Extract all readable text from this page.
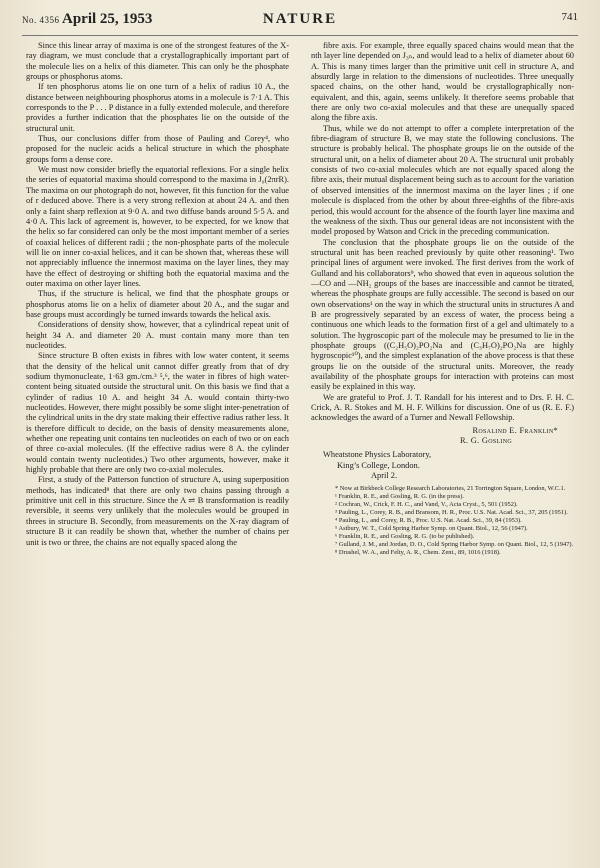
No. 4356 April 25, 1953	NATURE	741

Since this linear array of maxima is one of the strongest features of the X-ray diagram, we must conclude that a crystallographically important part of the molecule lies on a helix of this diameter. This can only be the phosphate groups or phosphorus atoms.

If ten phosphorus atoms lie on one turn of a helix of radius 10 A., the distance between neighbouring phosphorus atoms in a molecule is 7·1 A. This corresponds to the P . . . P distance in a fully extended molecule, and therefore provides a further indication that the phosphates lie on the outside of the structural unit.

Thus, our conclusions differ from those of Pauling and Corey⁴, who proposed for the nucleic acids a helical structure in which the phosphate groups form a dense core.

We must now consider briefly the equatorial reflexions. For a single helix the series of equatorial maxima should correspond to the maxima in J₀(2πrR). The maxima on our photograph do not, however, fit this function for the value of r deduced above. There is a very strong reflexion at about 24 A. and then only a faint sharp reflexion at 9·0 A. and two diffuse bands around 5·5 A. and 4·0 A. This lack of agreement is, however, to be expected, for we know that the helix so far considered can only be the most important member of a series of coaxial helices of different radii ; the non-phosphate parts of the molecule will lie on inner co-axial helices, and it can be shown that, whereas these will not appreciably influence the innermost maxima on the layer lines, they may have the effect of destroying or shifting both the equatorial maxima and the outer maxima on other layer lines.

Thus, if the structure is helical, we find that the phosphate groups or phosphorus atoms lie on a helix of diameter about 20 A., and the sugar and base groups must accordingly be turned inwards towards the helical axis.

Considerations of density show, however, that a cylindrical repeat unit of height 34 A. and diameter 20 A. must contain many more than ten nucleotides.

Since structure B often exists in fibres with low water content, it seems that the density of the helical unit cannot differ greatly from that of dry sodium thymonucleate, 1·63 gm./cm.³ ⁵,⁶, the water in fibres of high water-content being situated outside the structural unit. On this basis we find that a cylinder of radius 10 A. and height 34 A. would contain thirty-two nucleotides. However, there might possibly be some slight inter-penetration of the cylindrical units in the dry state making their effective radius rather less. It is therefore difficult to decide, on the basis of density measurements alone, whether one repeating unit contains ten nucleotides on each of two or on each of three co-axial molecules. (If the effective radius were 8 A. the cylinder would contain twenty nucleotides.) Two other arguments, however, make it highly probable that there are only two co-axial molecules.

First, a study of the Patterson function of structure A, using superposition methods, has indicated⁸ that there are only two chains passing through a primitive unit cell in this structure. Since the A ⇌ B transformation is readily reversible, it seems very unlikely that the molecules would be grouped in threes in structure B. Secondly, from measurements on the X-ray diagram of structure B it can readily be shown that, whether the number of chains per unit is two or three, the chains are not equally spaced along the

fibre axis. For example, three equally spaced chains would mean that the nth layer line depended on J₃ₙ, and would lead to a helix of diameter about 60 A. This is many times larger than the primitive unit cell in structure A, and absurdly large in relation to the dimensions of nucleotides. Three unequally spaced chains, on the other hand, would be crystallographically non-equivalent, and this, again, seems unlikely. It therefore seems probable that there are only two co-axial molecules and that these are unequally spaced along the fibre axis.

Thus, while we do not attempt to offer a complete interpretation of the fibre-diagram of structure B, we may state the following conclusions. The structure is probably helical. The phosphate groups lie on the outside of the structural unit, on a helix of diameter about 20 A. The structural unit probably consists of two co-axial molecules which are not equally spaced along the fibre axis, their mutual displacement being such as to account for the variation of observed intensities of the innermost maxima on the layer lines ; if one molecule is displaced from the other by about three-eighths of the fibre-axis period, this would account for the absence of the fourth layer line maxima and the weakness of the sixth. Thus our general ideas are not inconsistent with the model proposed by Watson and Crick in the preceding communication.

The conclusion that the phosphate groups lie on the outside of the structural unit has been reached previously by quite other reasoning¹. Two principal lines of argument were invoked. The first derives from the work of Gulland and his collaborators⁹, who showed that even in aqueous solution the —CO and —NH₂ groups of the bases are inaccessible and cannot be titrated, whereas the phosphate groups are fully accessible. The second is based on our own observations¹ on the way in which the structural units in structures A and B are progressively separated by an excess of water, the process being a continuous one which leads to the formation first of a gel and ultimately to a solution. The hygroscopic part of the molecule may be presumed to lie in the phosphate groups ((C₂H₅O)₂PO₂Na and (C₃H₇O)₂PO₂Na are highly hygroscopic¹⁰), and the simplest explanation of the above process is that these groups lie on the outside of the structural units. Moreover, the ready availability of the phosphate groups for interaction with proteins can most easily be explained in this way.

We are grateful to Prof. J. T. Randall for his interest and to Drs. F. H. C. Crick, A. R. Stokes and M. H. F. Wilkins for discussion. One of us (R. E. F.) acknowledges the award of a Turner and Newall Fellowship.

Rosalind E. Franklin*
R. G. Gosling
Wheatstone Physics Laboratory,
King’s College, London.
April 2.

* Now at Birkbeck College Research Laboratories, 21 Torrington Square, London, W.C.1.

¹ Franklin, R. E., and Gosling, R. G. (in the press).

² Cochran, W., Crick, F. H. C., and Vand, V., Acta Cryst., 5, 501 (1952).

³ Pauling, L., Corey, R. B., and Bransom, H. R., Proc. U.S. Nat. Acad. Sci., 37, 205 (1951).

⁴ Pauling, L., and Corey, R. B., Proc. U.S. Nat. Acad. Sci., 39, 84 (1953).

⁵ Astbury, W. T., Cold Spring Harbor Symp. on Quant. Biol., 12, 56 (1947).

⁶ Franklin, R. E., and Gosling, R. G. (to be published).

⁷ Gulland, J. M., and Jordan, D. O., Cold Spring Harbor Symp. on Quant. Biol., 12, 5 (1947).

⁸ Drushel, W. A., and Felty, A. R., Chem. Zent., 89, 1016 (1918).
